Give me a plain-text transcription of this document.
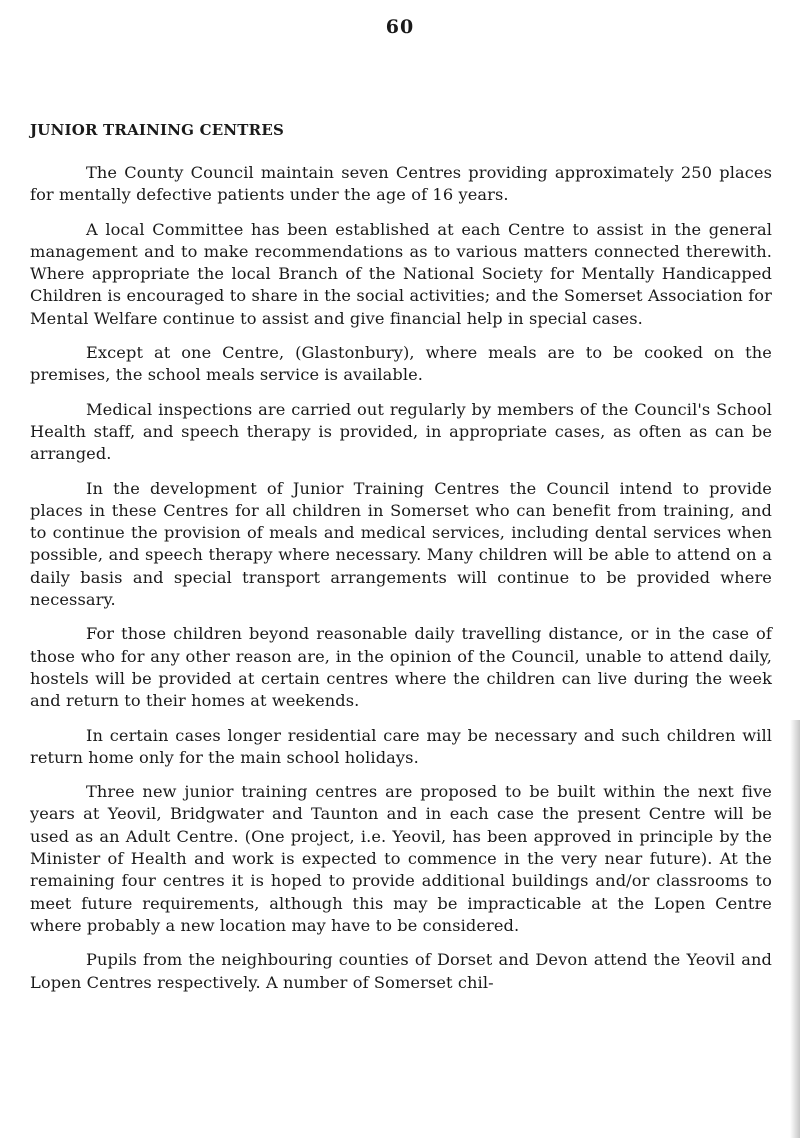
60
JUNIOR TRAINING CENTRES

The County Council maintain seven Centres providing approximately 250 places for mentally defective patients under the age of 16 years.

A local Committee has been established at each Centre to assist in the general management and to make recommendations as to various matters connected therewith. Where appropriate the local Branch of the National Society for Mentally Handicapped Children is encouraged to share in the social activities; and the Somerset Association for Mental Welfare continue to assist and give financial help in special cases.

Except at one Centre, (Glastonbury), where meals are to be cooked on the premises, the school meals service is available.

Medical inspections are carried out regularly by members of the Council's School Health staff, and speech therapy is provided, in appropriate cases, as often as can be arranged.

In the development of Junior Training Centres the Council intend to provide places in these Centres for all children in Somerset who can benefit from training, and to continue the provision of meals and medical services, including dental services when possible, and speech therapy where necessary. Many children will be able to attend on a daily basis and special transport arrangements will continue to be provided where necessary.

For those children beyond reasonable daily travelling distance, or in the case of those who for any other reason are, in the opinion of the Council, unable to attend daily, hostels will be provided at certain centres where the children can live during the week and return to their homes at weekends.

In certain cases longer residential care may be necessary and such children will return home only for the main school holidays.

Three new junior training centres are proposed to be built within the next five years at Yeovil, Bridgwater and Taunton and in each case the present Centre will be used as an Adult Centre. (One project, i.e. Yeovil, has been approved in principle by the Minister of Health and work is expected to commence in the very near future). At the remaining four centres it is hoped to provide additional buildings and/or classrooms to meet future requirements, although this may be impracticable at the Lopen Centre where probably a new location may have to be considered.

Pupils from the neighbouring counties of Dorset and Devon attend the Yeovil and Lopen Centres respectively. A number of Somerset chil-
